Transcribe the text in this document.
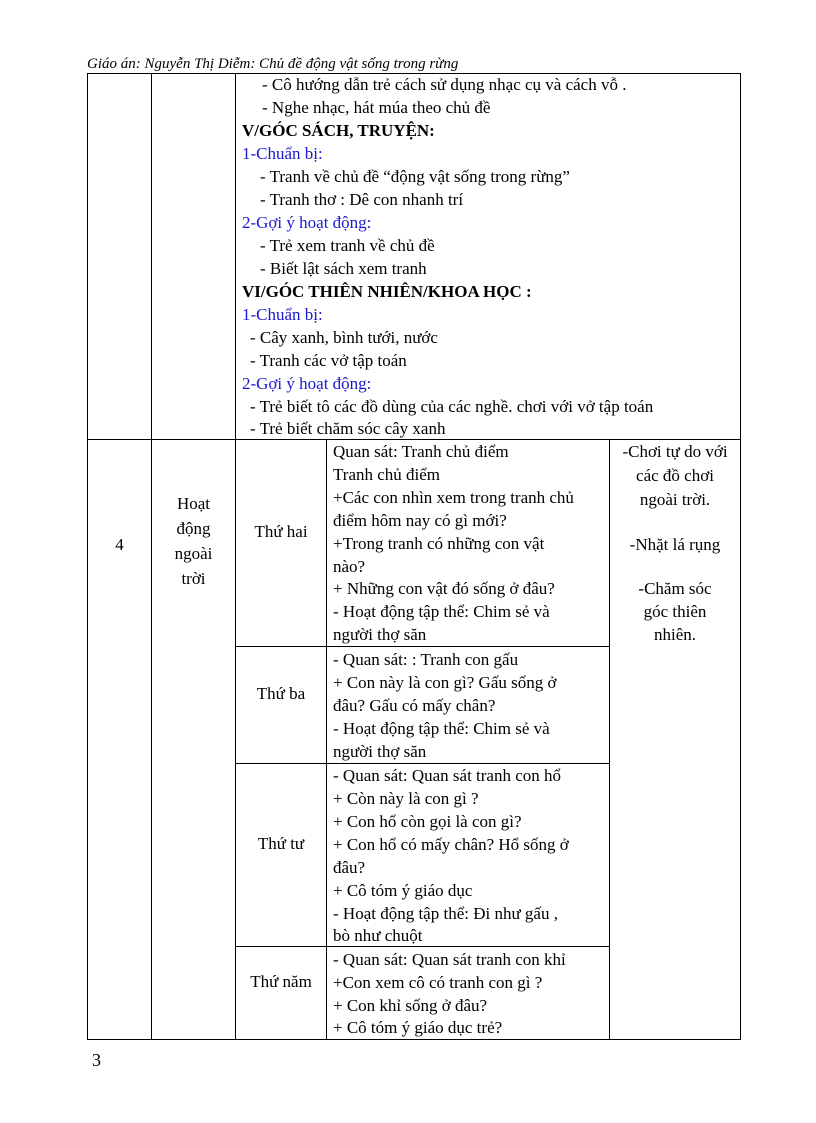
Giáo án: Nguyễn Thị Diễm: Chủ đề động vật sống trong rừng
- Cô hướng dẫn trẻ cách sử dụng nhạc cụ và cách vỗ .
- Nghe nhạc, hát múa theo chủ đề
V/GÓC SÁCH, TRUYỆN:
1-Chuẩn bị:
- Tranh về chủ đề “động vật sống trong rừng”
- Tranh thơ : Dê con nhanh trí
2-Gợi ý hoạt động:
- Trẻ xem tranh về chủ đề
- Biết lật sách xem tranh
VI/GÓC THIÊN NHIÊN/KHOA HỌC :
1-Chuẩn bị:
- Cây xanh, bình tưới, nước
- Tranh các vở tập toán
2-Gợi ý hoạt động:
- Trẻ biết tô các đồ dùng của các nghề. chơi với vở tập toán
- Trẻ biết chăm sóc cây xanh
4
Hoạt
động
ngoài
trời
Thứ hai
Thứ ba
Thứ tư
Thứ năm
Quan sát: Tranh chủ điểm
Tranh chủ điểm
+Các con nhìn xem trong tranh chủ
điểm hôm nay có gì mới?
+Trong tranh có những con vật
nào?
+ Những con vật đó sống ở đâu?
- Hoạt động tập thể: Chim sẻ và
người thợ săn
- Quan sát: : Tranh con gấu
+ Con này là con gì? Gấu sống ở
đâu? Gấu có mấy chân?
- Hoạt động tập thể: Chim sẻ và
người thợ săn
- Quan sát: Quan sát tranh con hổ
+ Còn này là con gì ?
+ Con hổ còn gọi là con gì?
+ Con hổ có mấy chân? Hổ sống ở
đâu?
+ Cô tóm ý giáo dục
- Hoạt động tập thể: Đi như gấu ,
bò như chuột
- Quan sát: Quan sát tranh con khỉ
+Con xem cô có tranh con gì ?
+ Con khỉ sống ở đâu?
+ Cô tóm ý giáo dục trẻ?
-Chơi tự do với
các đồ chơi
ngoài trời.
-Nhặt lá rụng
-Chăm sóc
góc thiên
nhiên.
3
